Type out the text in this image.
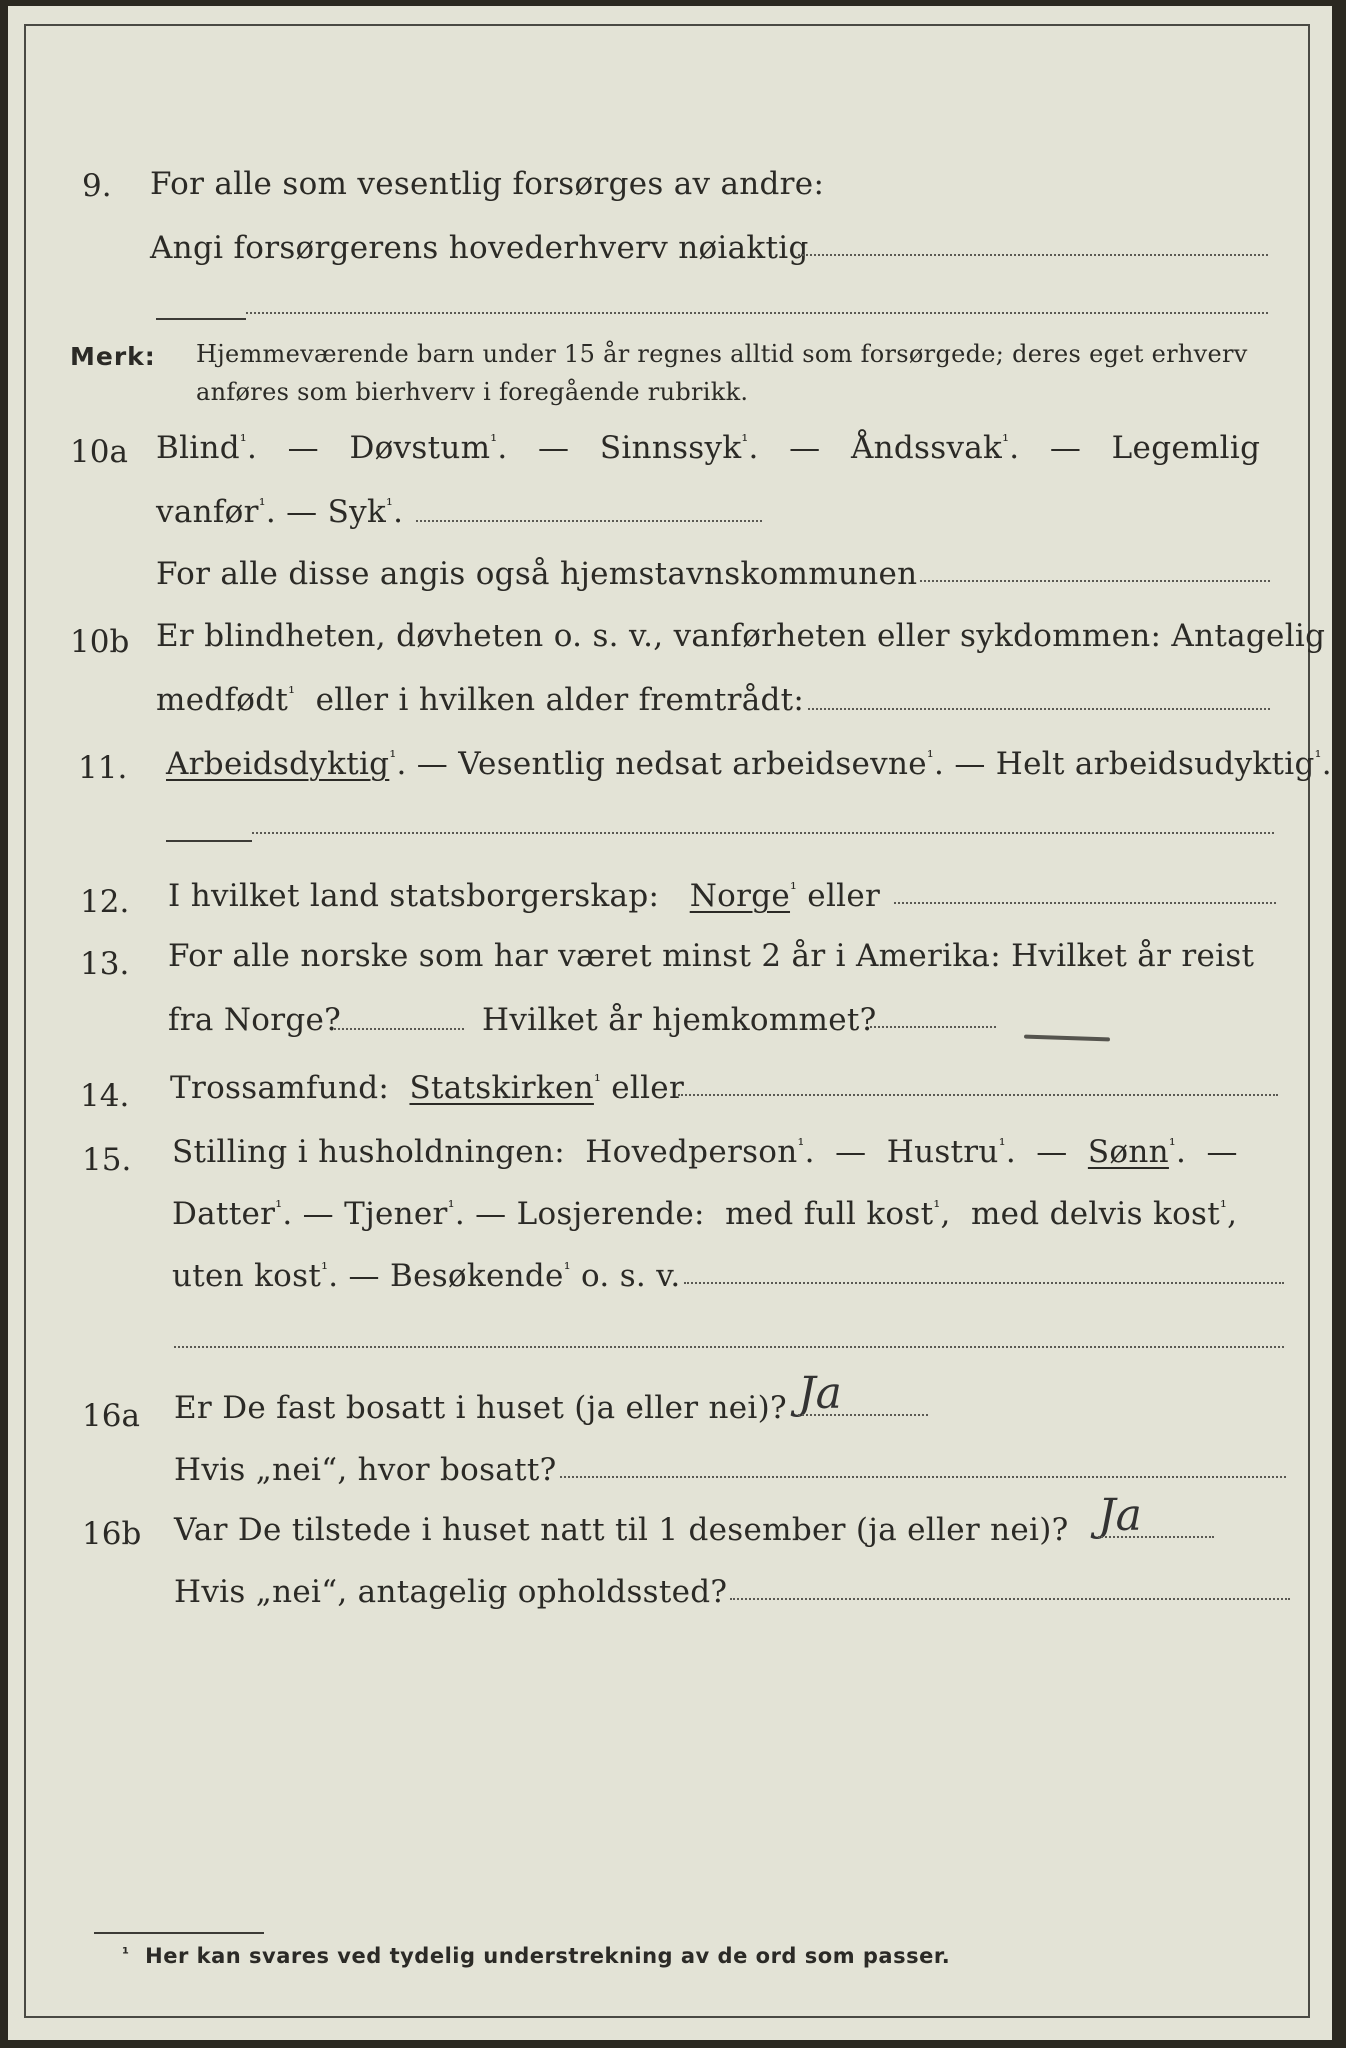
9. For alle som vesentlig forsørges av andre:
Angi forsørgerens hovederhverv nøiaktig
Merk: Hjemmeværende barn under 15 år regnes alltid som forsørgede; deres eget erhverv
anføres som bierhverv i foregående rubrikk.
10a Blind$^{^1}$.   —   Døvstum$^{^1}$.   —   Sinnssyk$^{^1}$.   —   Åndssvak$^{^1}$.   —   Legemlig
vanfør$^{^1}$. — Syk$^{^1}$.
For alle disse angis også hjemstavnskommunen
10b Er blindheten, døvheten o. s. v., vanførheten eller sykdommen: Antagelig
medfødt$^{^1}$ eller i hvilken alder fremtrådt:
11. Arbeidsdyktig$^{^1}$. — Vesentlig nedsat arbeidsevne$^{^1}$. — Helt arbeidsudyktig$^{^1}$.
12. I hvilket land statsborgerskap: Norge$^{^1}$ eller
13. For alle norske som har været minst 2 år i Amerika: Hvilket år reist
fra Norge?	Hvilket år hjemkommet?
14. Trossamfund: Statskirken$^{^1}$ eller
15. Stilling i husholdningen: Hovedperson$^{^1}$.  —  Hustru$^{^1}$.  —  Sønn$^{^1}$.  —
Datter$^{^1}$. — Tjener$^{^1}$. — Losjerende: med full kost$^{^1}$,  med delvis kost$^{^1}$,
uten kost$^{^1}$. — Besøkende$^{^1}$ o. s. v.
16a Er De fast bosatt i huset (ja eller nei)? Ja
Hvis „nei“, hvor bosatt?
16b Var De tilstede i huset natt til 1 desember (ja eller nei)? Ja
Hvis „nei“, antagelig opholdssted?
$^{^1}$ Her kan svares ved tydelig understrekning av de ord som passer.
